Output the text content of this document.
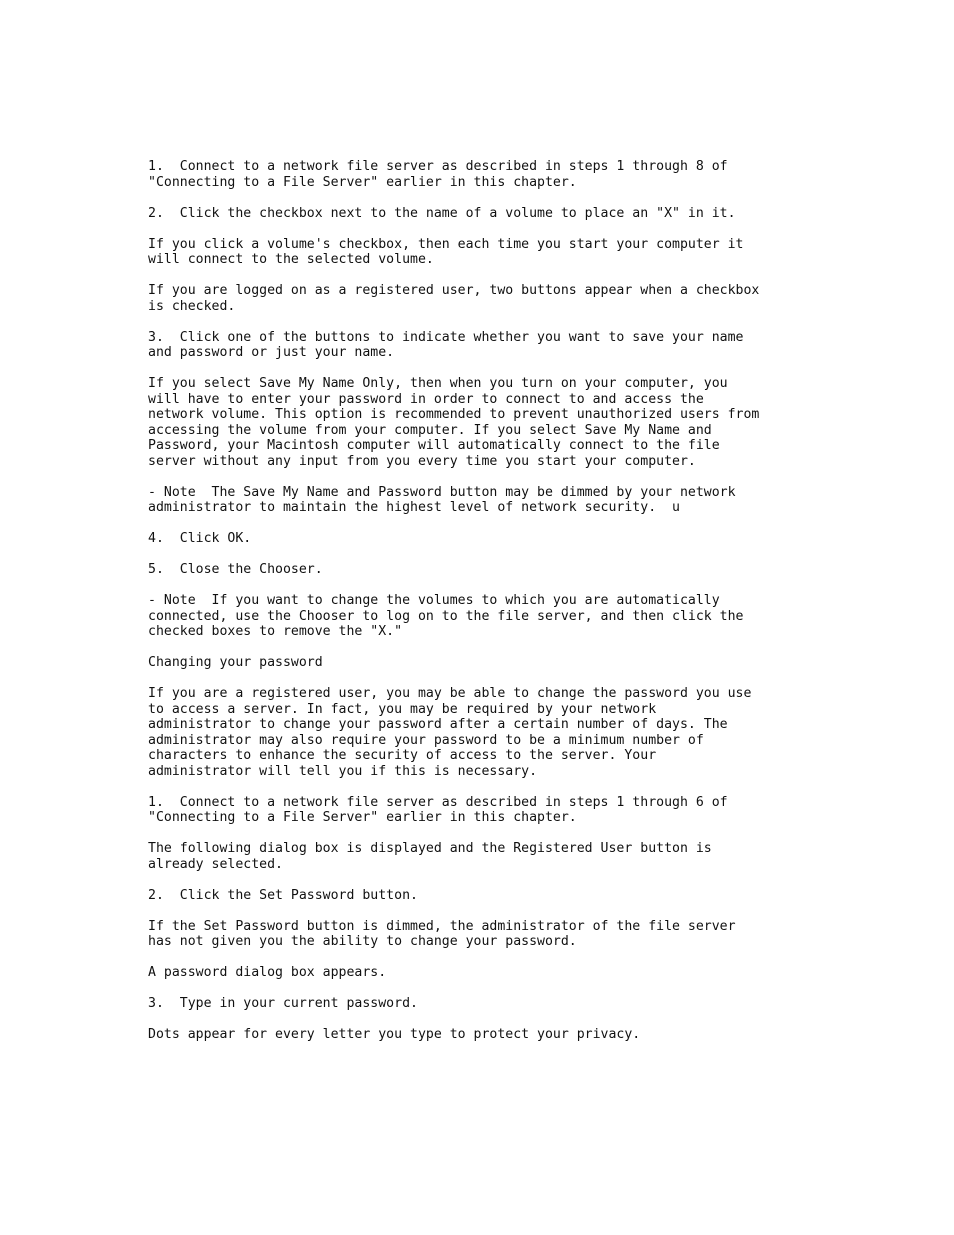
1.  Connect to a network file server as described in steps 1 through 8 of
"Connecting to a File Server" earlier in this chapter.

2.  Click the checkbox next to the name of a volume to place an "X" in it.

If you click a volume's checkbox, then each time you start your computer it
will connect to the selected volume.

If you are logged on as a registered user, two buttons appear when a checkbox
is checked.

3.  Click one of the buttons to indicate whether you want to save your name
and password or just your name.

If you select Save My Name Only, then when you turn on your computer, you
will have to enter your password in order to connect to and access the
network volume. This option is recommended to prevent unauthorized users from
accessing the volume from your computer. If you select Save My Name and
Password, your Macintosh computer will automatically connect to the file
server without any input from you every time you start your computer.

- Note  The Save My Name and Password button may be dimmed by your network
administrator to maintain the highest level of network security.  u

4.  Click OK.

5.  Close the Chooser.

- Note  If you want to change the volumes to which you are automatically
connected, use the Chooser to log on to the file server, and then click the
checked boxes to remove the "X."

Changing your password

If you are a registered user, you may be able to change the password you use
to access a server. In fact, you may be required by your network
administrator to change your password after a certain number of days. The
administrator may also require your password to be a minimum number of
characters to enhance the security of access to the server. Your
administrator will tell you if this is necessary.

1.  Connect to a network file server as described in steps 1 through 6 of
"Connecting to a File Server" earlier in this chapter.

The following dialog box is displayed and the Registered User button is
already selected.

2.  Click the Set Password button.

If the Set Password button is dimmed, the administrator of the file server
has not given you the ability to change your password.

A password dialog box appears.

3.  Type in your current password.

Dots appear for every letter you type to protect your privacy.
